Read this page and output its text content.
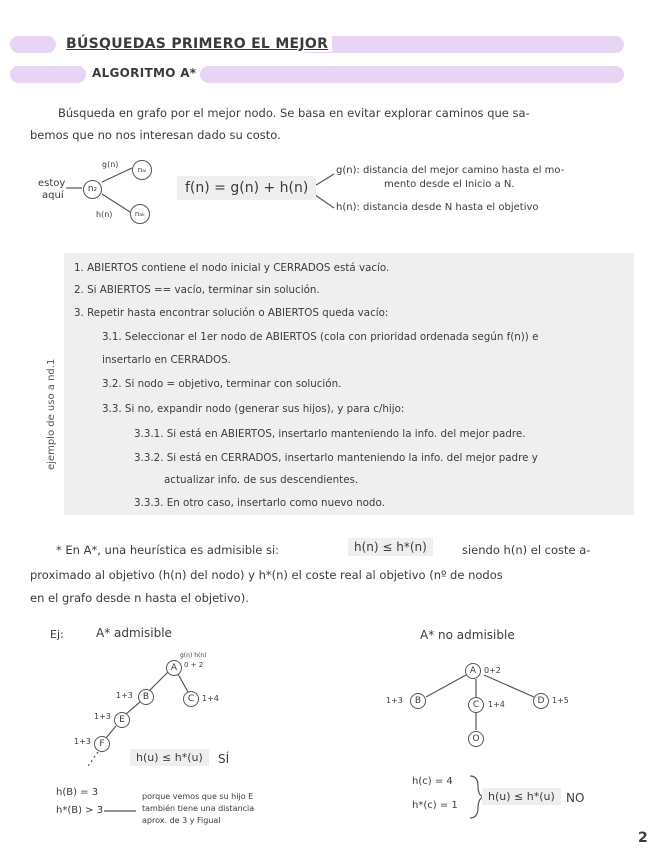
BÚSQUEDAS PRIMERO EL MEJOR
ALGORITMO A*
Búsqueda en grafo por el mejor nodo. Se basa en evitar explorar caminos que sa-
bemos que no nos interesan dado su costo.
estoy
aquí
n₂
nₐᵢ
nₐₖ
g(n)
h(n)
f(n) = g(n) + h(n)
g(n): distancia del mejor camino hasta el mo-
mento desde el Inicio a N.
h(n): distancia desde N hasta el objetivo
ejemplo de uso a nd.1
1. ABIERTOS contiene el nodo inicial y CERRADOS está vacío.
2. Si ABIERTOS == vacío, terminar sin solución.
3. Repetir hasta encontrar solución o ABIERTOS queda vacío:
3.1. Seleccionar el 1er nodo de ABIERTOS (cola con prioridad ordenada según f(n)) e
insertarlo en CERRADOS.
3.2. Si nodo = objetivo, terminar con solución.
3.3. Si no, expandir nodo (generar sus hijos), y para c/hijo:
3.3.1. Si está en ABIERTOS, insertarlo manteniendo la info. del mejor padre.
3.3.2. Si está en CERRADOS, insertarlo manteniendo la info. del mejor padre y
actualizar info. de sus descendientes.
3.3.3. En otro caso, insertarlo como nuevo nodo.
* En A*, una heurística es admisible si:	h(n) ≤ h*(n)	siendo h(n) el coste a-
proximado al objetivo (h(n) del nodo) y h*(n) el coste real al objetivo (nº de nodos
en el grafo desde n hasta el objetivo).
Ej:	A* admisible	A* no admisible
g(n) h(n)
0 + 2
A
B
1+3	C 1+4
E
1+3
F
1+3
h(u) ≤ h*(u)	SÍ
h(B) = 3
h*(B) > 3
porque vemos que su hijo E
también tiene una distancia
aprox. de 3 y Figual
A 0+2
B
1+3	C	1+4	D 1+5
O
h(c) = 4
h*(c) = 1
h(u) ≤ h*(u) NO
2
